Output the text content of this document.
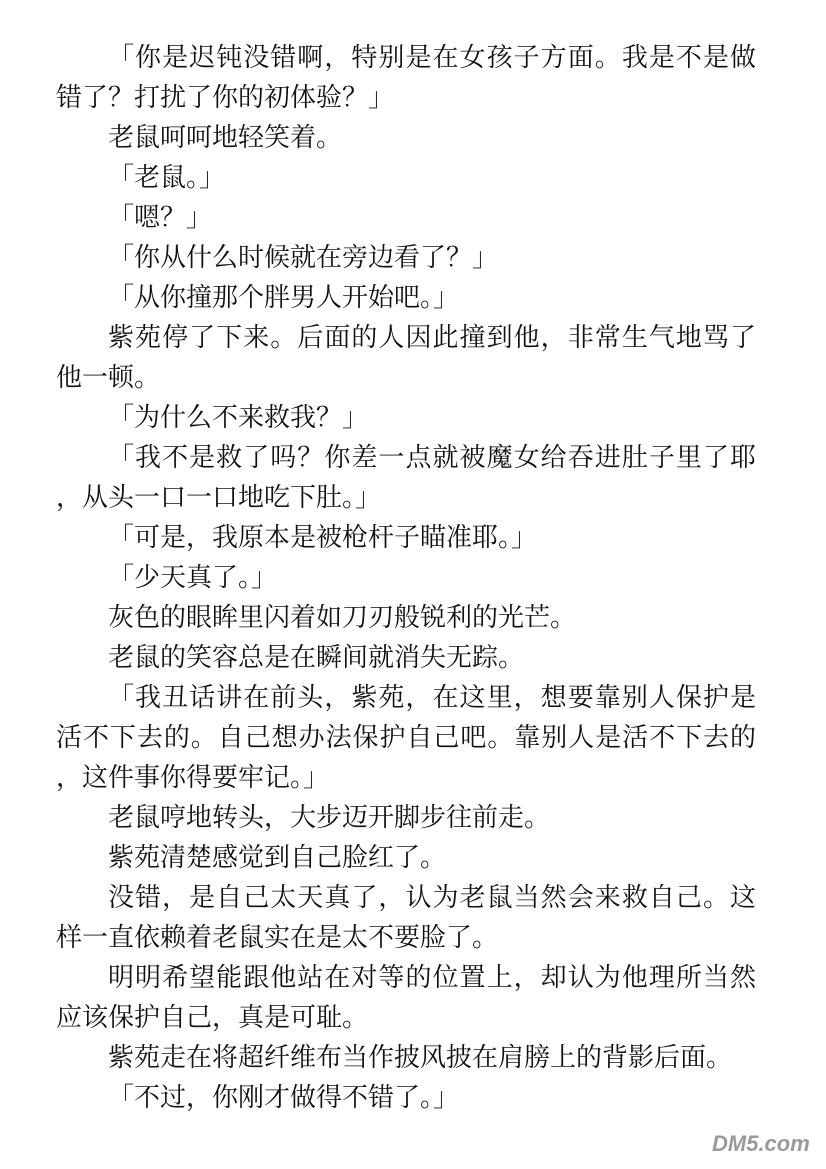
「你是迟钝没错啊，特别是在女孩子方面。我是不是做错了？打扰了你的初体验？」

老鼠呵呵地轻笑着。

「老鼠。」

「嗯？」

「你从什么时候就在旁边看了？」

「从你撞那个胖男人开始吧。」

紫苑停了下来。后面的人因此撞到他，非常生气地骂了他一顿。

「为什么不来救我？」

「我不是救了吗？你差一点就被魔女给吞进肚子里了耶，从头一口一口地吃下肚。」

「可是，我原本是被枪杆子瞄准耶。」

「少天真了。」

灰色的眼眸里闪着如刀刃般锐利的光芒。

老鼠的笑容总是在瞬间就消失无踪。

「我丑话讲在前头，紫苑，在这里，想要靠别人保护是活不下去的。自己想办法保护自己吧。靠别人是活不下去的，这件事你得要牢记。」

老鼠哼地转头，大步迈开脚步往前走。

紫苑清楚感觉到自己脸红了。

没错，是自己太天真了，认为老鼠当然会来救自己。这样一直依赖着老鼠实在是太不要脸了。

明明希望能跟他站在对等的位置上，却认为他理所当然应该保护自己，真是可耻。

紫苑走在将超纤维布当作披风披在肩膀上的背影后面。

「不过，你刚才做得不错了。」

DM5.com
